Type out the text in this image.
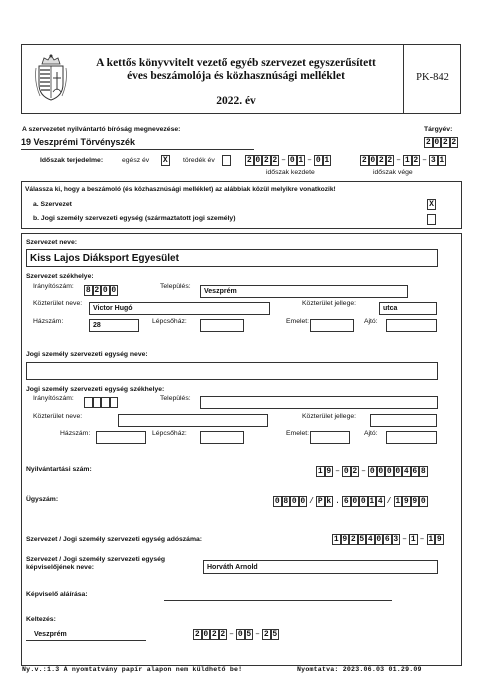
A kettős könyvvitelt vezető egyéb szervezet egyszerűsített
éves beszámolója és közhasznúsági melléklet
2022. év
PK-842
A szervezetet nyilvántartó bíróság megnevezése:	Tárgyév:
19 Veszprémi Törvényszék	2 0 2 2
Időszak terjedelme:	egész év X töredék év	2 0 2 2 – 0 1 – 0 1	2 0 2 2 – 1 2 – 3 1
időszak kezdete	időszak vége
Válassza ki, hogy a beszámoló (és közhasznúsági melléklet) az alábbiak közül melyikre vonatkozik!
a. Szervezet	X
b. Jogi személy szervezeti egység (származtatott jogi személy)
Szervezet neve:
Kiss Lajos Diáksport Egyesület
Szervezet székhelye:
Irányítószám: 8 2 0 0	Település:
Veszprém
Közterület neve:
Victor Hugó
Közterület jellege:
utca
Házszám:
28
Lépcsőház:	Emelet:	Ajtó:
Jogi személy szervezeti egység neve:
Jogi személy szervezeti egység székhelye:
Irányítószám:	Település:
Közterület neve:	Közterület jellege:
Házszám:	Lépcsőház:	Emelet:	Ajtó:
Nyilvántartási szám:	1 9 – 0 2 – 0 0 0 0 4 6 8
Ügyszám:	0 8 0 0 / P k . 6 0 0 1 4 / 1 9 9 0
Szervezet / Jogi személy szervezeti egység adószáma:	1 9 2 5 4 0 6 3 – 1 – 1 9
Szervezet / Jogi személy szervezeti egység
képviselőjének neve:	Horváth Arnold
Képviselő aláírása:
Keltezés:
Veszprém	2 0 2 2 – 0 5 – 2 5
Ny.v.:1.3 A nyomtatvány papír alapon nem küldhető be!	Nyomtatva: 2023.06.03 01.29.09
